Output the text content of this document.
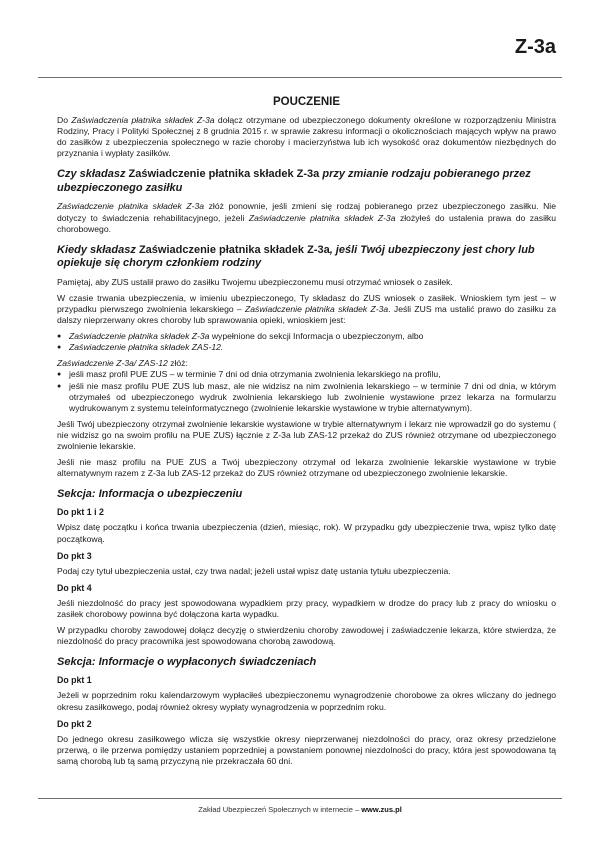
Z-3a
POUCZENIE

Do Zaświadczenia płatnika składek Z-3a dołącz otrzymane od ubezpieczonego dokumenty określone w rozporządzeniu Ministra Rodziny, Pracy i Polityki Społecznej z 8 grudnia 2015 r. w sprawie zakresu informacji o okolicznościach mających wpływ na prawo do zasiłków z ubezpieczenia społecznego w razie choroby i macierzyństwa lub ich wysokość oraz dokumentów niezbędnych do przyznania i wypłaty zasiłków.

Czy składasz Zaświadczenie płatnika składek Z-3a przy zmianie rodzaju pobieranego przez ubezpieczonego zasiłku

Zaświadczenie płatnika składek Z-3a złóż ponownie, jeśli zmieni się rodzaj pobieranego przez ubezpieczonego zasiłku. Nie dotyczy to świadczenia rehabilitacyjnego, jeżeli Zaświadczenie płatnika składek Z-3a złożyłeś do ustalenia prawa do zasiłku chorobowego.

Kiedy składasz Zaświadczenie płatnika składek Z-3a, jeśli Twój ubezpieczony jest chory lub opiekuje się chorym członkiem rodziny

Pamiętaj, aby ZUS ustalił prawo do zasiłku Twojemu ubezpieczonemu musi otrzymać wniosek o zasiłek.

W czasie trwania ubezpieczenia, w imieniu ubezpieczonego, Ty składasz do ZUS wniosek o zasiłek. Wnioskiem tym jest – w przypadku pierwszego zwolnienia lekarskiego – Zaświadczenie płatnika składek Z-3a. Jeśli ZUS ma ustalić prawo do zasiłku za dalszy nieprzerwany okres choroby lub sprawowania opieki, wnioskiem jest:

● Zaświadczenie płatnika składek Z-3a wypełnione do sekcji Informacja o ubezpieczonym, albo
● Zaświadczenie płatnika składek ZAS-12.

Zaświadczenie Z-3a/ ZAS-12 złóż:

● jeśli masz profil PUE ZUS – w terminie 7 dni od dnia otrzymania zwolnienia lekarskiego na profilu,
● jeśli nie masz profilu PUE ZUS lub masz, ale nie widzisz na nim zwolnienia lekarskiego – w terminie 7 dni od dnia, w którym otrzymałeś od ubezpieczonego wydruk zwolnienia lekarskiego lub zwolnienie wystawione przez lekarza na formularzu wydrukowanym z systemu teleinformatycznego (zwolnienie lekarskie wystawione w trybie alternatywnym).

Jeśli Twój ubezpieczony otrzymał zwolnienie lekarskie wystawione w trybie alternatywnym i lekarz nie wprowadził go do systemu ( nie widzisz go na swoim profilu na PUE ZUS) łącznie z Z-3a lub ZAS-12 przekaż do ZUS również otrzymane od ubezpieczonego zwolnienie lekarskie.

Jeśli nie masz profilu na PUE ZUS a Twój ubezpieczony otrzymał od lekarza zwolnienie lekarskie wystawione w trybie alternatywnym razem z Z-3a lub ZAS-12 przekaż do ZUS również otrzymane od ubezpieczonego zwolnienie lekarskie.

Sekcja: Informacja o ubezpieczeniu
Do pkt 1 i 2

Wpisz datę początku i końca trwania ubezpieczenia (dzień, miesiąc, rok). W przypadku gdy ubezpieczenie trwa, wpisz tylko datę początkową.

Do pkt 3

Podaj czy tytuł ubezpieczenia ustał, czy trwa nadal; jeżeli ustał wpisz datę ustania tytułu ubezpieczenia.

Do pkt 4

Jeśli niezdolność do pracy jest spowodowana wypadkiem przy pracy, wypadkiem w drodze do pracy lub z pracy do wniosku o zasiłek chorobowy powinna być dołączona karta wypadku.

W przypadku choroby zawodowej dołącz decyzję o stwierdzeniu choroby zawodowej i zaświadczenie lekarza, które stwierdza, że niezdolność do pracy pracownika jest spowodowana chorobą zawodową.

Sekcja: Informacje o wypłaconych świadczeniach
Do pkt 1

Jeżeli w poprzednim roku kalendarzowym wypłaciłeś ubezpieczonemu wynagrodzenie chorobowe za okres wliczany do jednego okresu zasiłkowego, podaj również okresy wypłaty wynagrodzenia w poprzednim roku.

Do pkt 2

Do jednego okresu zasiłkowego wlicza się wszystkie okresy nieprzerwanej niezdolności do pracy, oraz okresy przedzielone przerwą, o ile przerwa pomiędzy ustaniem poprzedniej a powstaniem ponownej niezdolności do pracy, która jest spowodowana tą samą chorobą lub tą samą przyczyną nie przekraczała 60 dni.

Zakład Ubezpieczeń Społecznych w internecie – www.zus.pl
